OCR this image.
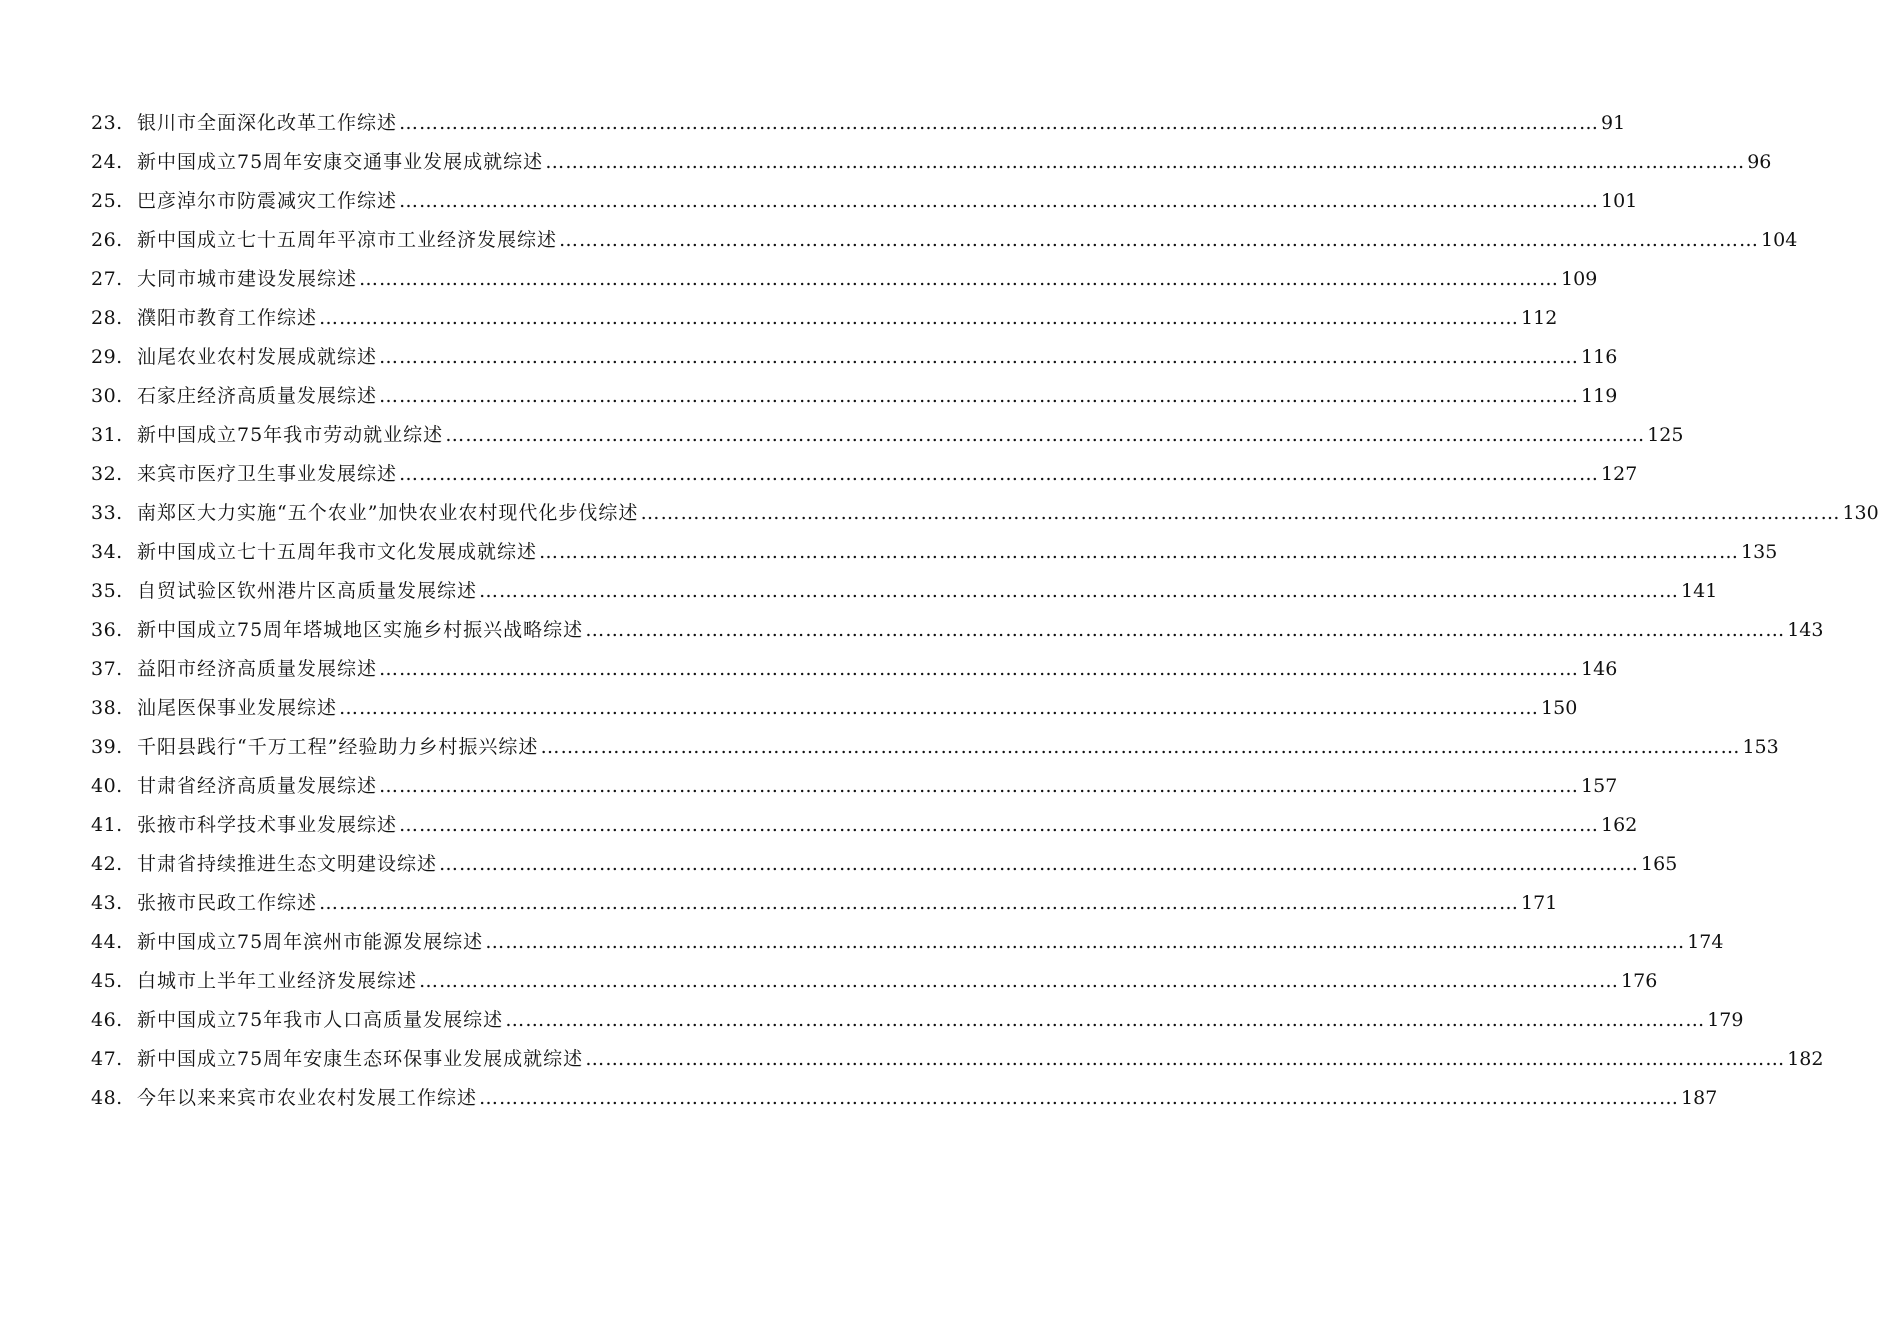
23. 银川市全面深化改革工作综述 ……………………………………………………………………………………………………………………………………………………………… 91
24. 新中国成立75周年安康交通事业发展成就综述 ……………………………………………………………………………………………………………………………………………………………… 96
25. 巴彦淖尔市防震减灾工作综述 ……………………………………………………………………………………………………………………………………………………………… 101
26. 新中国成立七十五周年平凉市工业经济发展综述 ……………………………………………………………………………………………………………………………………………………………… 104
27. 大同市城市建设发展综述 ……………………………………………………………………………………………………………………………………………………………… 109
28. 濮阳市教育工作综述 ……………………………………………………………………………………………………………………………………………………………… 112
29. 汕尾农业农村发展成就综述 ……………………………………………………………………………………………………………………………………………………………… 116
30. 石家庄经济高质量发展综述 ……………………………………………………………………………………………………………………………………………………………… 119
31. 新中国成立75年我市劳动就业综述 ……………………………………………………………………………………………………………………………………………………………… 125
32. 来宾市医疗卫生事业发展综述 ……………………………………………………………………………………………………………………………………………………………… 127
33. 南郑区大力实施“五个农业”加快农业农村现代化步伐综述 ……………………………………………………………………………………………………………………………………………………………… 130
34. 新中国成立七十五周年我市文化发展成就综述 ……………………………………………………………………………………………………………………………………………………………… 135
35. 自贸试验区钦州港片区高质量发展综述 ……………………………………………………………………………………………………………………………………………………………… 141
36. 新中国成立75周年塔城地区实施乡村振兴战略综述 ……………………………………………………………………………………………………………………………………………………………… 143
37. 益阳市经济高质量发展综述 ……………………………………………………………………………………………………………………………………………………………… 146
38. 汕尾医保事业发展综述 ……………………………………………………………………………………………………………………………………………………………… 150
39. 千阳县践行“千万工程”经验助力乡村振兴综述 ……………………………………………………………………………………………………………………………………………………………… 153
40. 甘肃省经济高质量发展综述 ……………………………………………………………………………………………………………………………………………………………… 157
41. 张掖市科学技术事业发展综述 ……………………………………………………………………………………………………………………………………………………………… 162
42. 甘肃省持续推进生态文明建设综述 ……………………………………………………………………………………………………………………………………………………………… 165
43. 张掖市民政工作综述 ……………………………………………………………………………………………………………………………………………………………… 171
44. 新中国成立75周年滨州市能源发展综述 ……………………………………………………………………………………………………………………………………………………………… 174
45. 白城市上半年工业经济发展综述 ……………………………………………………………………………………………………………………………………………………………… 176
46. 新中国成立75年我市人口高质量发展综述 ……………………………………………………………………………………………………………………………………………………………… 179
47. 新中国成立75周年安康生态环保事业发展成就综述 ……………………………………………………………………………………………………………………………………………………………… 182
48. 今年以来来宾市农业农村发展工作综述 ……………………………………………………………………………………………………………………………………………………………… 187
